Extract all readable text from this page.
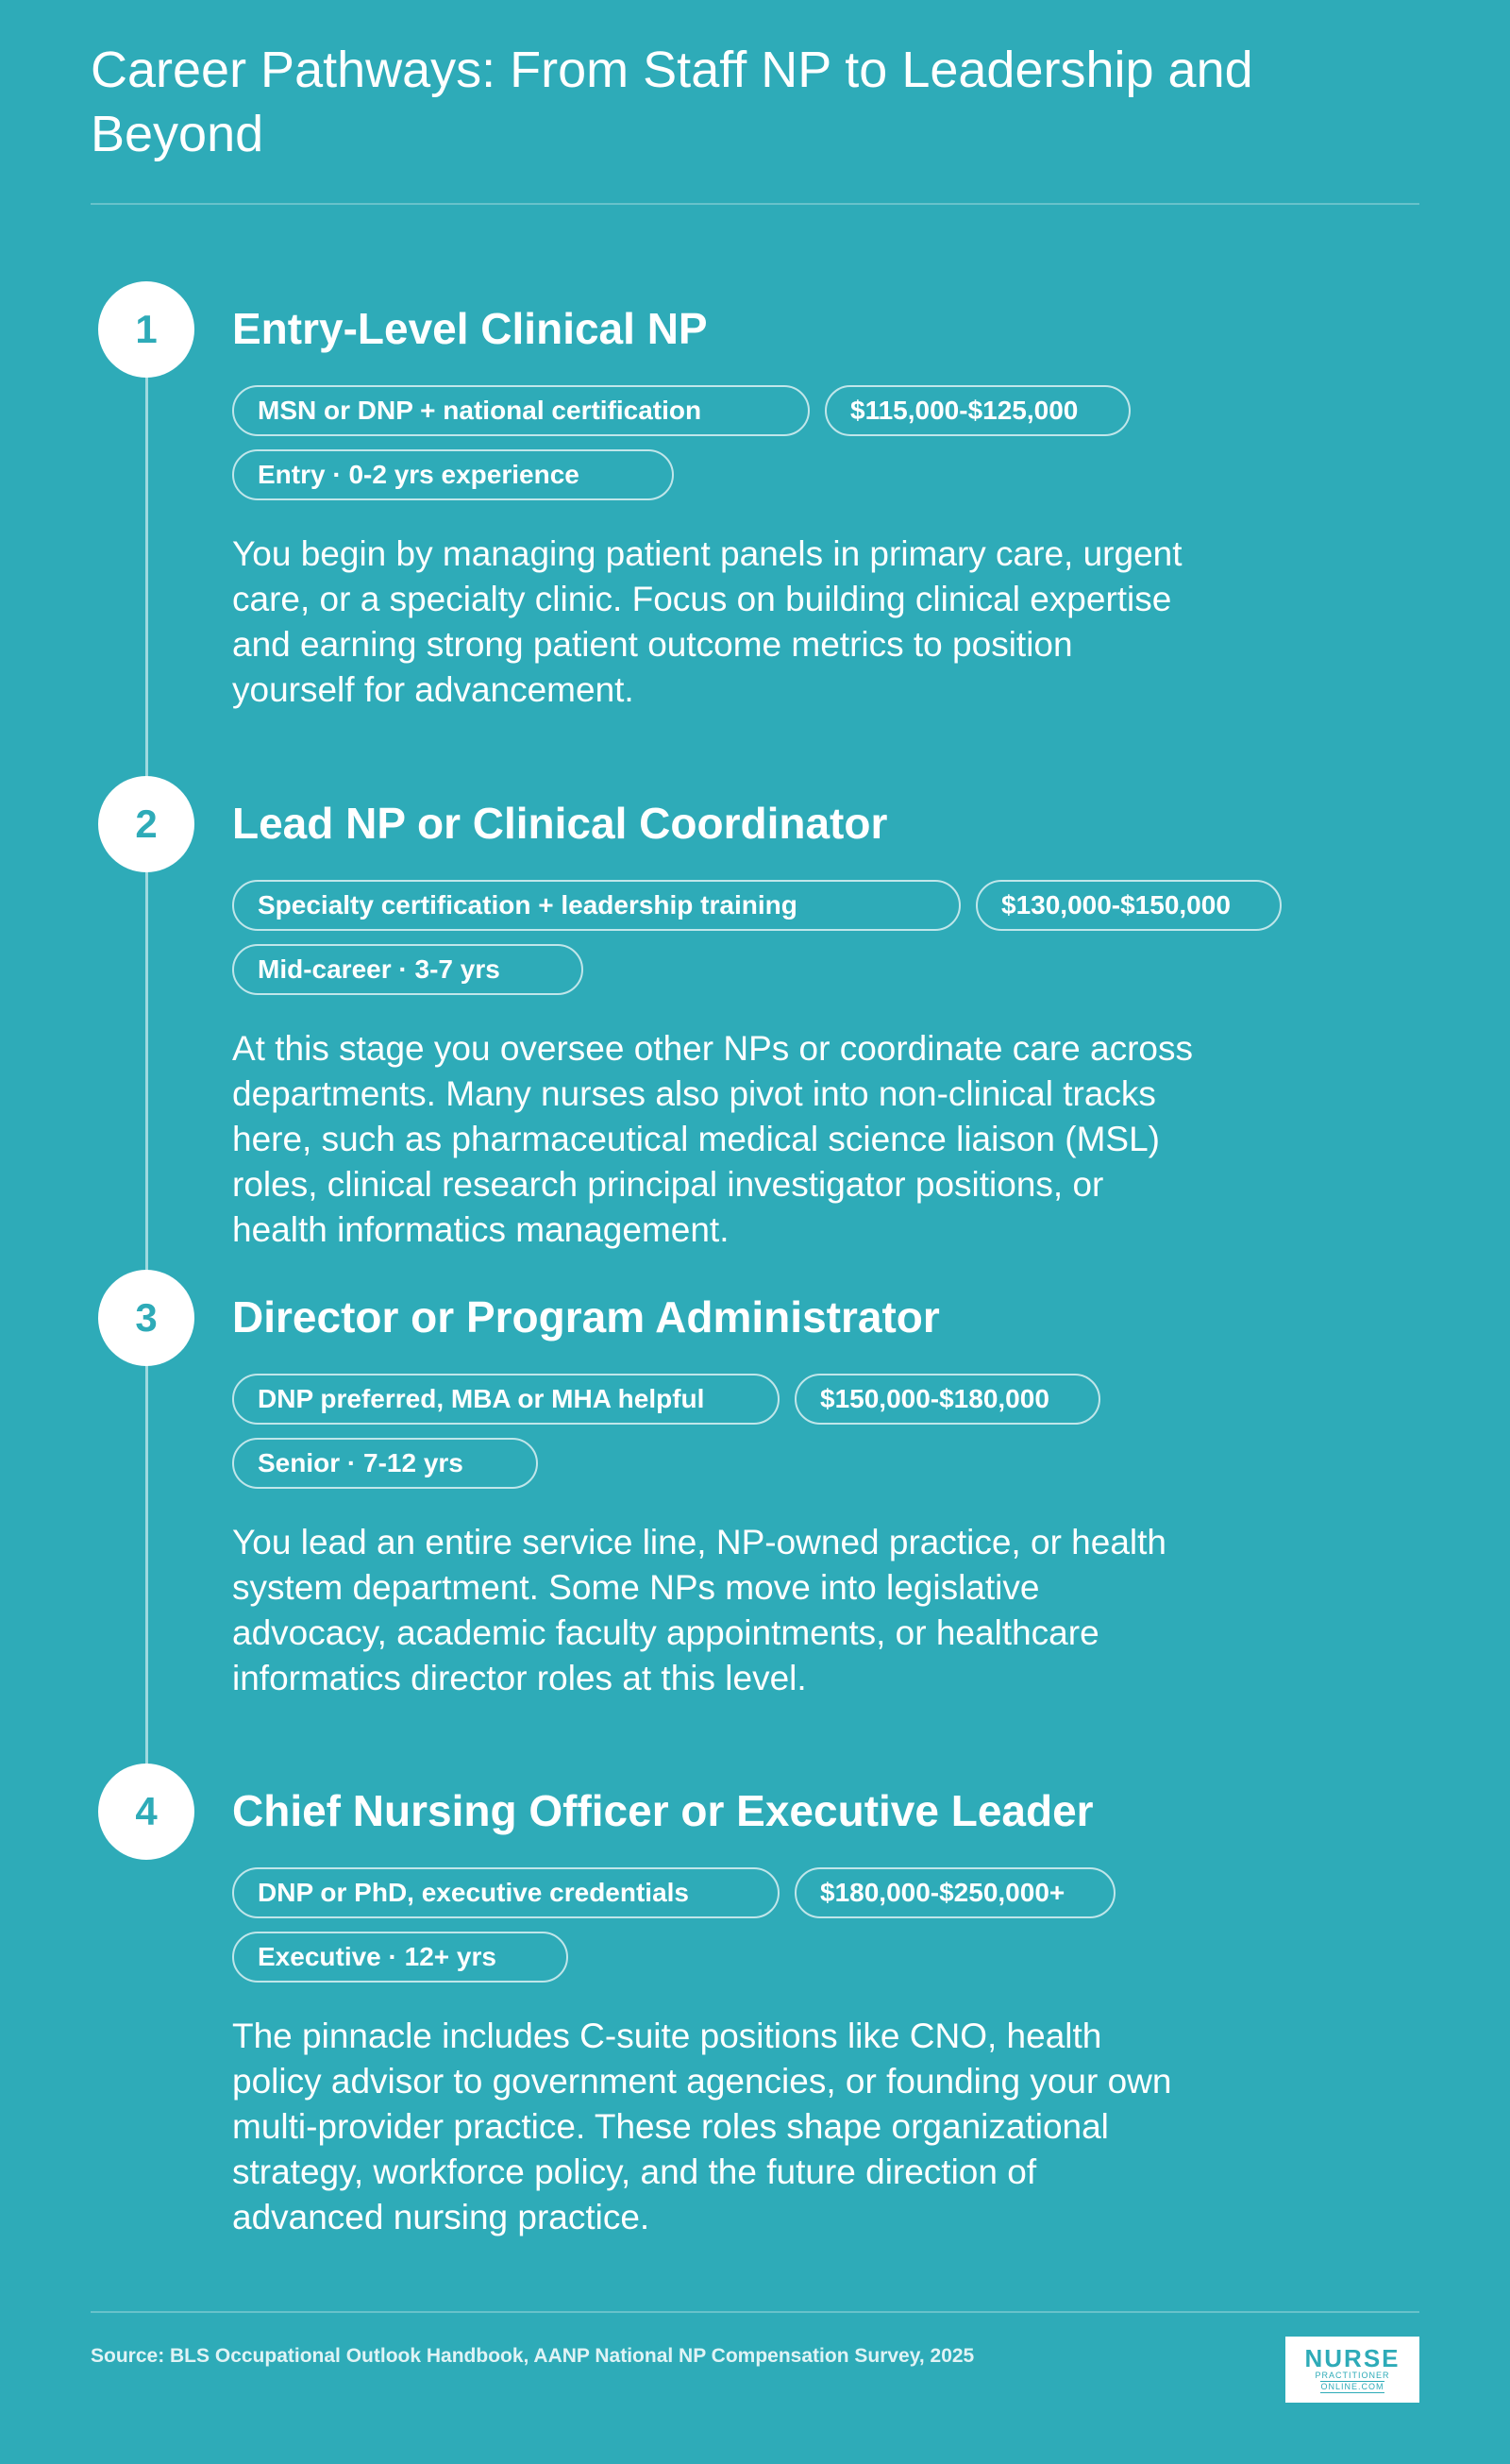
Career Pathways: From Staff NP to Leadership and Beyond
1	Entry-Level Clinical NP
MSN or DNP + national certification	$115,000-$125,000
Entry · 0-2 yrs experience

You begin by managing patient panels in primary care, urgent care, or a specialty clinic. Focus on building clinical expertise and earning strong patient outcome metrics to position yourself for advancement.

2	Lead NP or Clinical Coordinator
Specialty certification + leadership training	$130,000-$150,000
Mid-career · 3-7 yrs

At this stage you oversee other NPs or coordinate care across departments. Many nurses also pivot into non-clinical tracks here, such as pharmaceutical medical science liaison (MSL) roles, clinical research principal investigator positions, or health informatics management.

3	Director or Program Administrator
DNP preferred, MBA or MHA helpful	$150,000-$180,000
Senior · 7-12 yrs

You lead an entire service line, NP-owned practice, or health system department. Some NPs move into legislative advocacy, academic faculty appointments, or healthcare informatics director roles at this level.

4	Chief Nursing Officer or Executive Leader
DNP or PhD, executive credentials	$180,000-$250,000+
Executive · 12+ yrs

The pinnacle includes C-suite positions like CNO, health policy advisor to government agencies, or founding your own multi-provider practice. These roles shape organizational strategy, workforce policy, and the future direction of advanced nursing practice.

Source: BLS Occupational Outlook Handbook, AANP National NP Compensation Survey, 2025	NURSE
PRACTITIONER
ONLINE.COM
